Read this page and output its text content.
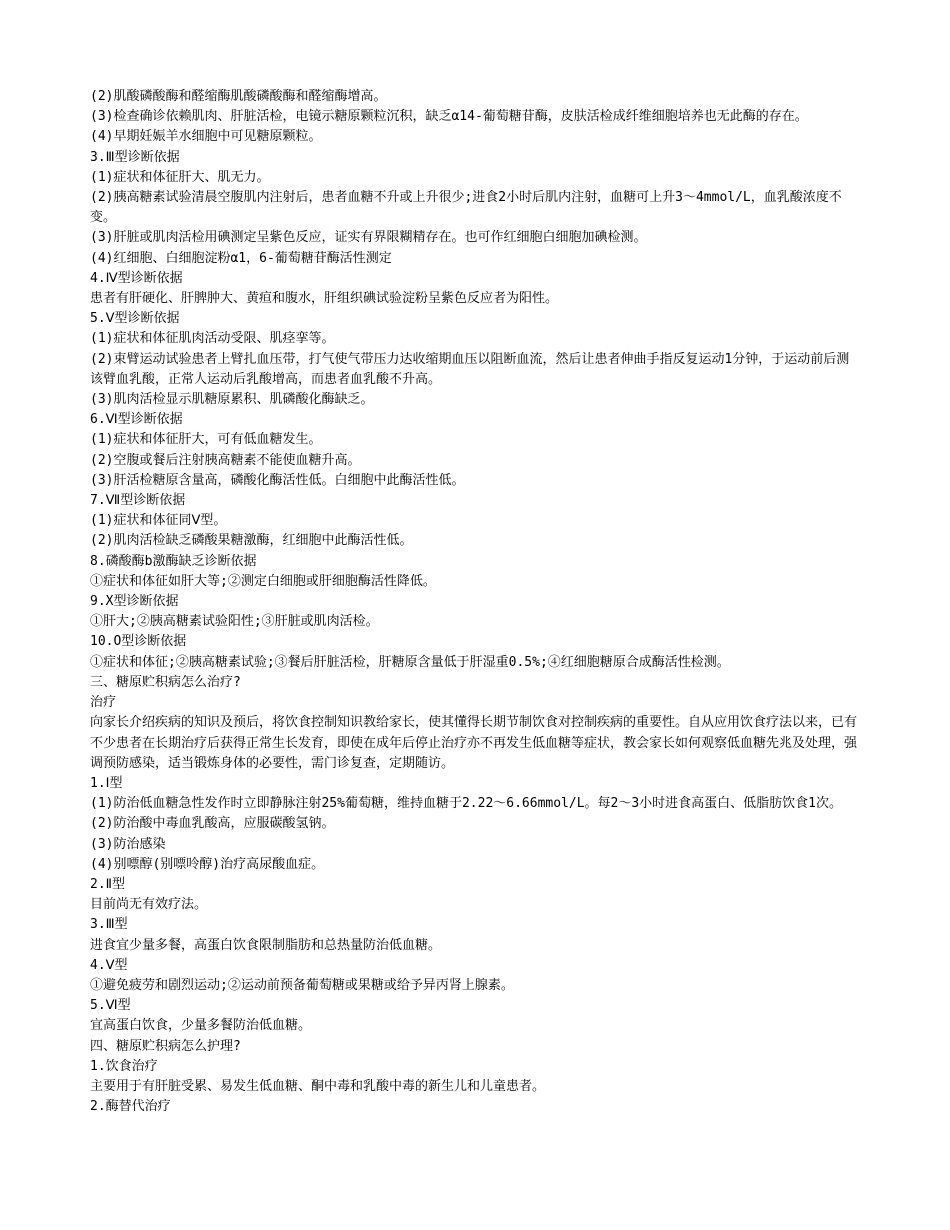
(2)肌酸磷酸酶和醛缩酶肌酸磷酸酶和醛缩酶增高。

(3)检查确诊依赖肌肉、肝脏活检，电镜示糖原颗粒沉积，缺乏α14-葡萄糖苷酶，皮肤活检成纤维细胞培养也无此酶的存在。

(4)早期妊娠羊水细胞中可见糖原颗粒。

3.Ⅲ型诊断依据

(1)症状和体征肝大、肌无力。

(2)胰高糖素试验清晨空腹肌内注射后，患者血糖不升或上升很少;进食2小时后肌内注射，血糖可上升3～4mmol/L，血乳酸浓度不变。

(3)肝脏或肌肉活检用碘测定呈紫色反应，证实有界限糊精存在。也可作红细胞白细胞加碘检测。

(4)红细胞、白细胞淀粉α1，6-葡萄糖苷酶活性测定

4.Ⅳ型诊断依据

患者有肝硬化、肝脾肿大、黄疸和腹水，肝组织碘试验淀粉呈紫色反应者为阳性。

5.Ⅴ型诊断依据

(1)症状和体征肌肉活动受限、肌痉挛等。

(2)束臂运动试验患者上臂扎血压带，打气使气带压力达收缩期血压以阻断血流，然后让患者伸曲手指反复运动1分钟，于运动前后测该臂血乳酸，正常人运动后乳酸增高，而患者血乳酸不升高。

(3)肌肉活检显示肌糖原累积、肌磷酸化酶缺乏。

6.Ⅵ型诊断依据

(1)症状和体征肝大，可有低血糖发生。

(2)空腹或餐后注射胰高糖素不能使血糖升高。

(3)肝活检糖原含量高，磷酸化酶活性低。白细胞中此酶活性低。

7.Ⅶ型诊断依据

(1)症状和体征同Ⅴ型。

(2)肌肉活检缺乏磷酸果糖激酶，红细胞中此酶活性低。

8.磷酸酶b激酶缺乏诊断依据

①症状和体征如肝大等;②测定白细胞或肝细胞酶活性降低。

9.X型诊断依据

①肝大;②胰高糖素试验阳性;③肝脏或肌肉活检。

10.O型诊断依据

①症状和体征;②胰高糖素试验;③餐后肝脏活检，肝糖原含量低于肝湿重0.5%;④红细胞糖原合成酶活性检测。

三、糖原贮积病怎么治疗?

治疗

向家长介绍疾病的知识及预后，将饮食控制知识教给家长，使其懂得长期节制饮食对控制疾病的重要性。自从应用饮食疗法以来，已有不少患者在长期治疗后获得正常生长发育，即使在成年后停止治疗亦不再发生低血糖等症状，教会家长如何观察低血糖先兆及处理，强调预防感染，适当锻炼身体的必要性，需门诊复查，定期随访。

1.Ⅰ型

(1)防治低血糖急性发作时立即静脉注射25%葡萄糖，维持血糖于2.22～6.66mmol/L。每2～3小时进食高蛋白、低脂肪饮食1次。

(2)防治酸中毒血乳酸高，应服碳酸氢钠。

(3)防治感染

(4)别嘌醇(别嘌呤醇)治疗高尿酸血症。

2.Ⅱ型

目前尚无有效疗法。

3.Ⅲ型

进食宜少量多餐，高蛋白饮食限制脂肪和总热量防治低血糖。

4.Ⅴ型

①避免疲劳和剧烈运动;②运动前预备葡萄糖或果糖或给予异丙肾上腺素。

5.Ⅵ型

宜高蛋白饮食，少量多餐防治低血糖。

四、糖原贮积病怎么护理?

1.饮食治疗

主要用于有肝脏受累、易发生低血糖、酮中毒和乳酸中毒的新生儿和儿童患者。

2.酶替代治疗
